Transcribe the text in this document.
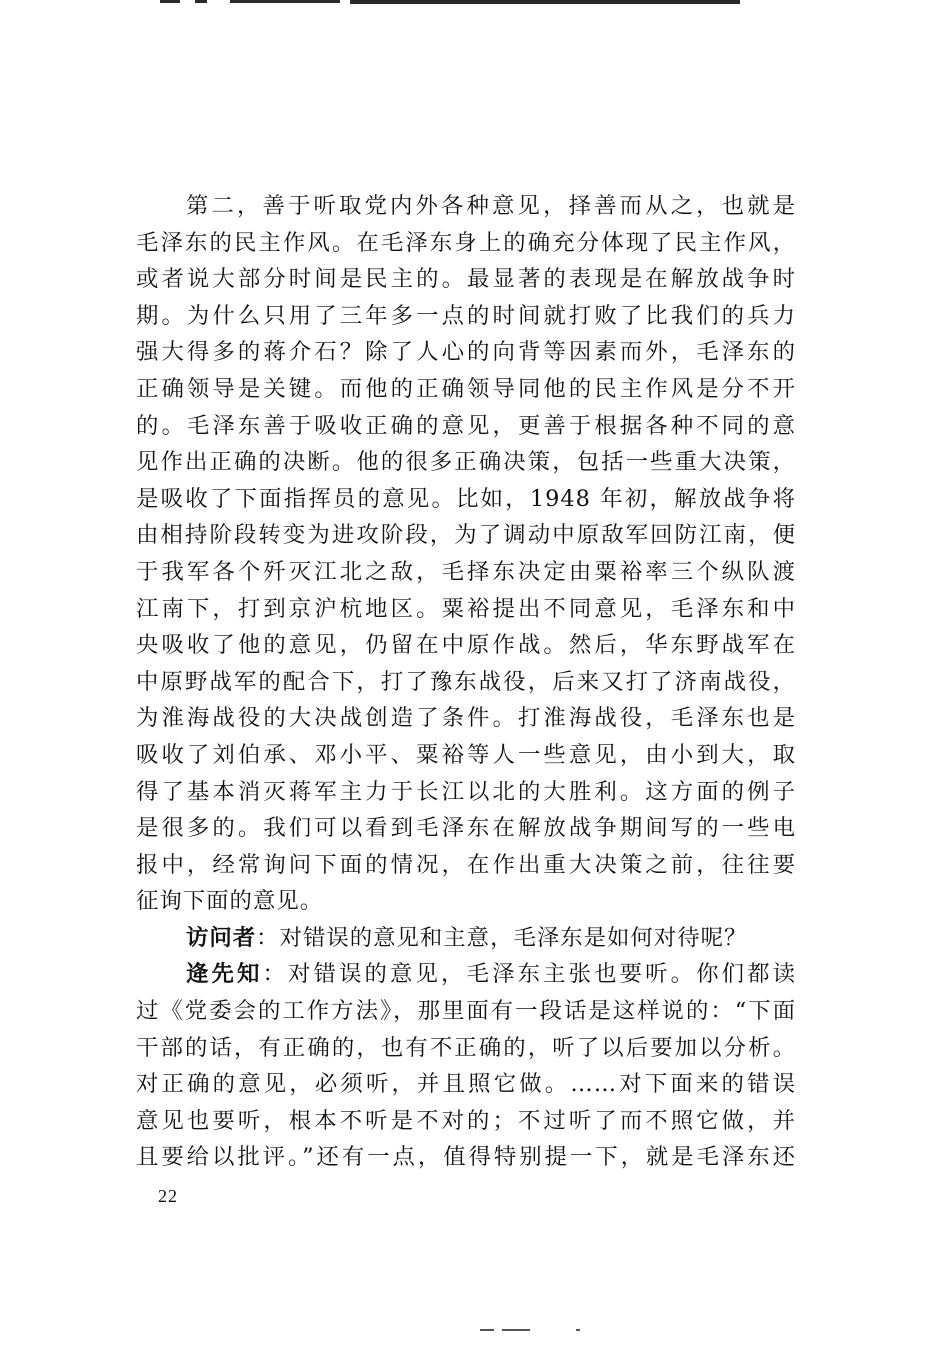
第二，善于听取党内外各种意见，择善而从之，也就是
毛泽东的民主作风。在毛泽东身上的确充分体现了民主作风，
或者说大部分时间是民主的。最显著的表现是在解放战争时
期。为什么只用了三年多一点的时间就打败了比我们的兵力
强大得多的蒋介石？除了人心的向背等因素而外，毛泽东的
正确领导是关键。而他的正确领导同他的民主作风是分不开
的。毛泽东善于吸收正确的意见，更善于根据各种不同的意
见作出正确的决断。他的很多正确决策，包括一些重大决策，
是吸收了下面指挥员的意见。比如，1948 年初，解放战争将
由相持阶段转变为进攻阶段，为了调动中原敌军回防江南，便
于我军各个歼灭江北之敌，毛择东决定由粟裕率三个纵队渡
江南下，打到京沪杭地区。粟裕提出不同意见，毛泽东和中
央吸收了他的意见，仍留在中原作战。然后，华东野战军在
中原野战军的配合下，打了豫东战役，后来又打了济南战役，
为淮海战役的大决战创造了条件。打淮海战役，毛泽东也是
吸收了刘伯承、邓小平、粟裕等人一些意见，由小到大，取
得了基本消灭蒋军主力于长江以北的大胜利。这方面的例子
是很多的。我们可以看到毛泽东在解放战争期间写的一些电
报中，经常询问下面的情况，在作出重大决策之前，往往要
征询下面的意见。
访问者：对错误的意见和主意，毛泽东是如何对待呢？
逄先知：对错误的意见，毛泽东主张也要听。你们都读
过《党委会的工作方法》，那里面有一段话是这样说的：“下面
干部的话，有正确的，也有不正确的，听了以后要加以分析。
对正确的意见，必须听，并且照它做。……对下面来的错误
意见也要听，根本不听是不对的；不过听了而不照它做，并
且要给以批评。”还有一点，值得特别提一下，就是毛泽东还
22
